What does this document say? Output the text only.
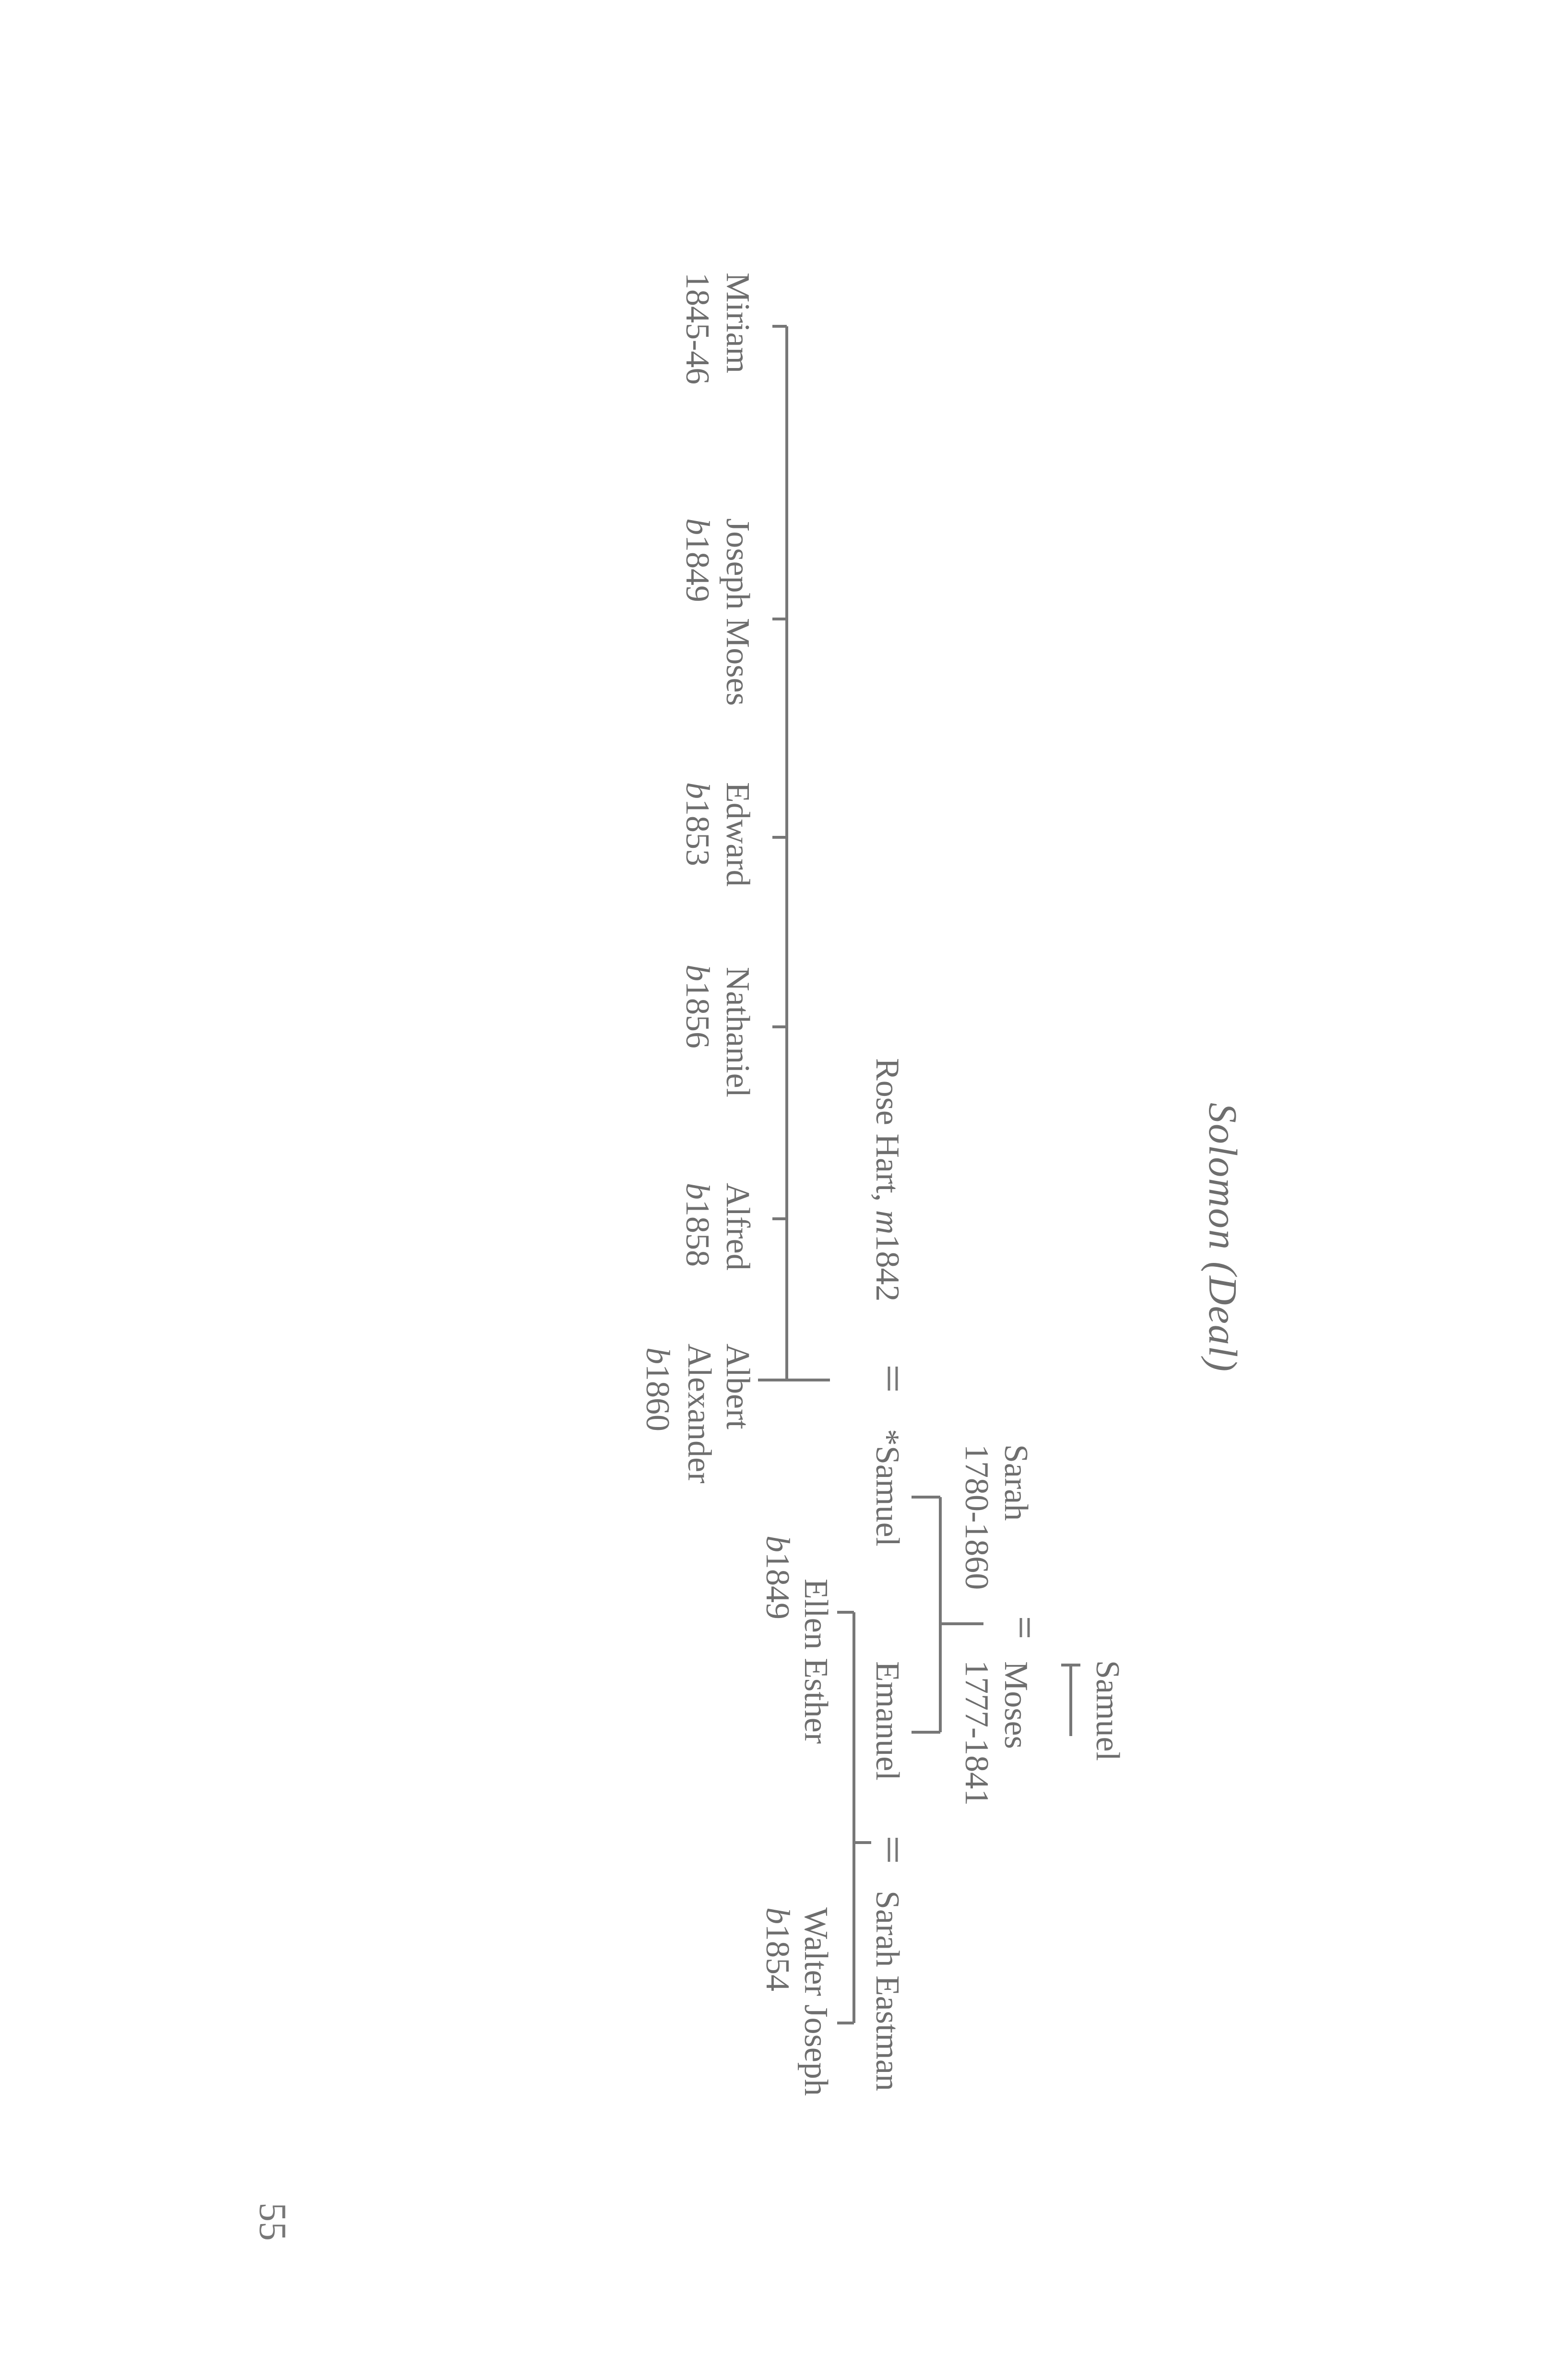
Solomon (Deal)
Samuel
Moses
1777-1841
Sarah
1780-1860
*Samuel
Rose Hart, m1842
Emanuel
Sarah Eastman
Albert
Alexander
b1860
Alfred
b1858
Nathaniel
b1856
Edward
b1853
Joseph Moses
b1849
Miriam
1845-46
Ellen Esther
b1849
Walter Joseph
b1854
55
